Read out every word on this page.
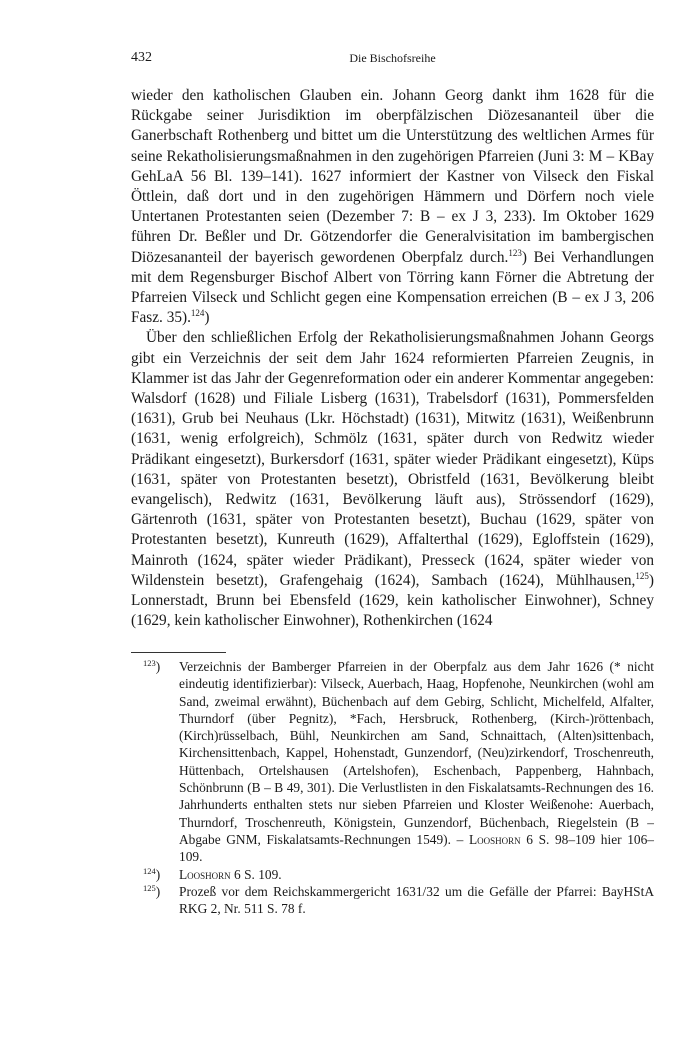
432	Die Bischofsreihe

wieder den katholischen Glauben ein. Johann Georg dankt ihm 1628 für die Rückgabe seiner Jurisdiktion im oberpfälzischen Diözesananteil über die Ganerbschaft Rothenberg und bittet um die Unterstützung des weltlichen Armes für seine Rekatholisierungsmaßnahmen in den zugehörigen Pfarreien (Juni 3: M – KBay GehLaA 56 Bl. 139–141). 1627 informiert der Kastner von Vilseck den Fiskal Öttlein, daß dort und in den zugehörigen Hämmern und Dörfern noch viele Untertanen Protestanten seien (Dezember 7: B – ex J 3, 233). Im Oktober 1629 führen Dr. Beßler und Dr. Götzendorfer die Generalvisitation im bambergischen Diözesananteil der bayerisch gewordenen Oberpfalz durch.$^{123}$) Bei Verhandlungen mit dem Regensburger Bischof Albert von Törring kann Förner die Abtretung der Pfarreien Vilseck und Schlicht gegen eine Kompensation erreichen (B – ex J 3, 206 Fasz. 35).$^{124}$)

Über den schließlichen Erfolg der Rekatholisierungsmaßnahmen Johann Georgs gibt ein Verzeichnis der seit dem Jahr 1624 reformierten Pfarreien Zeugnis, in Klammer ist das Jahr der Gegenreformation oder ein anderer Kommentar angegeben: Walsdorf (1628) und Filiale Lisberg (1631), Trabelsdorf (1631), Pommersfelden (1631), Grub bei Neuhaus (Lkr. Höchstadt) (1631), Mitwitz (1631), Weißenbrunn (1631, wenig erfolgreich), Schmölz (1631, später durch von Redwitz wieder Prädikant eingesetzt), Burkersdorf (1631, später wieder Prädikant eingesetzt), Küps (1631, später von Protestanten besetzt), Obristfeld (1631, Bevölkerung bleibt evangelisch), Redwitz (1631, Bevölkerung läuft aus), Strössendorf (1629), Gärtenroth (1631, später von Protestanten besetzt), Buchau (1629, später von Protestanten besetzt), Kunreuth (1629), Affalterthal (1629), Egloffstein (1629), Mainroth (1624, später wieder Prädikant), Presseck (1624, später wieder von Wildenstein besetzt), Grafengehaig (1624), Sambach (1624), Mühlhausen,$^{125}$) Lonnerstadt, Brunn bei Ebensfeld (1629, kein katholischer Einwohner), Schney (1629, kein katholischer Einwohner), Rothenkirchen (1624

$^{123}$)	Verzeichnis der Bamberger Pfarreien in der Oberpfalz aus dem Jahr 1626 (* nicht eindeutig identifizierbar): Vilseck, Auerbach, Haag, Hopfenohe, Neunkirchen (wohl am Sand, zweimal erwähnt), Büchenbach auf dem Gebirg, Schlicht, Michelfeld, Alfalter, Thurndorf (über Pegnitz), *Fach, Hersbruck, Rothenberg, (Kirch-)röttenbach, (Kirch)rüsselbach, Bühl, Neunkirchen am Sand, Schnaittach, (Alten)sittenbach, Kirchensittenbach, Kappel, Hohenstadt, Gunzendorf, (Neu)zirkendorf, Troschenreuth, Hüttenbach, Ortelshausen (Artelshofen), Eschenbach, Pappenberg, Hahnbach, Schönbrunn (B – B 49, 301). Die Verlustlisten in den Fiskalatsamts-Rechnungen des 16. Jahrhunderts enthalten stets nur sieben Pfarreien und Kloster Weißenohe: Auerbach, Thurndorf, Troschenreuth, Königstein, Gunzendorf, Büchenbach, Riegelstein (B – Abgabe GNM, Fiskalatsamts-Rechnungen 1549). – Looshorn 6 S. 98–109 hier 106–109.

$^{124}$)	Looshorn 6 S. 109.

$^{125}$)	Prozeß vor dem Reichskammergericht 1631/32 um die Gefälle der Pfarrei: BayHStA RKG 2, Nr. 511 S. 78 f.
